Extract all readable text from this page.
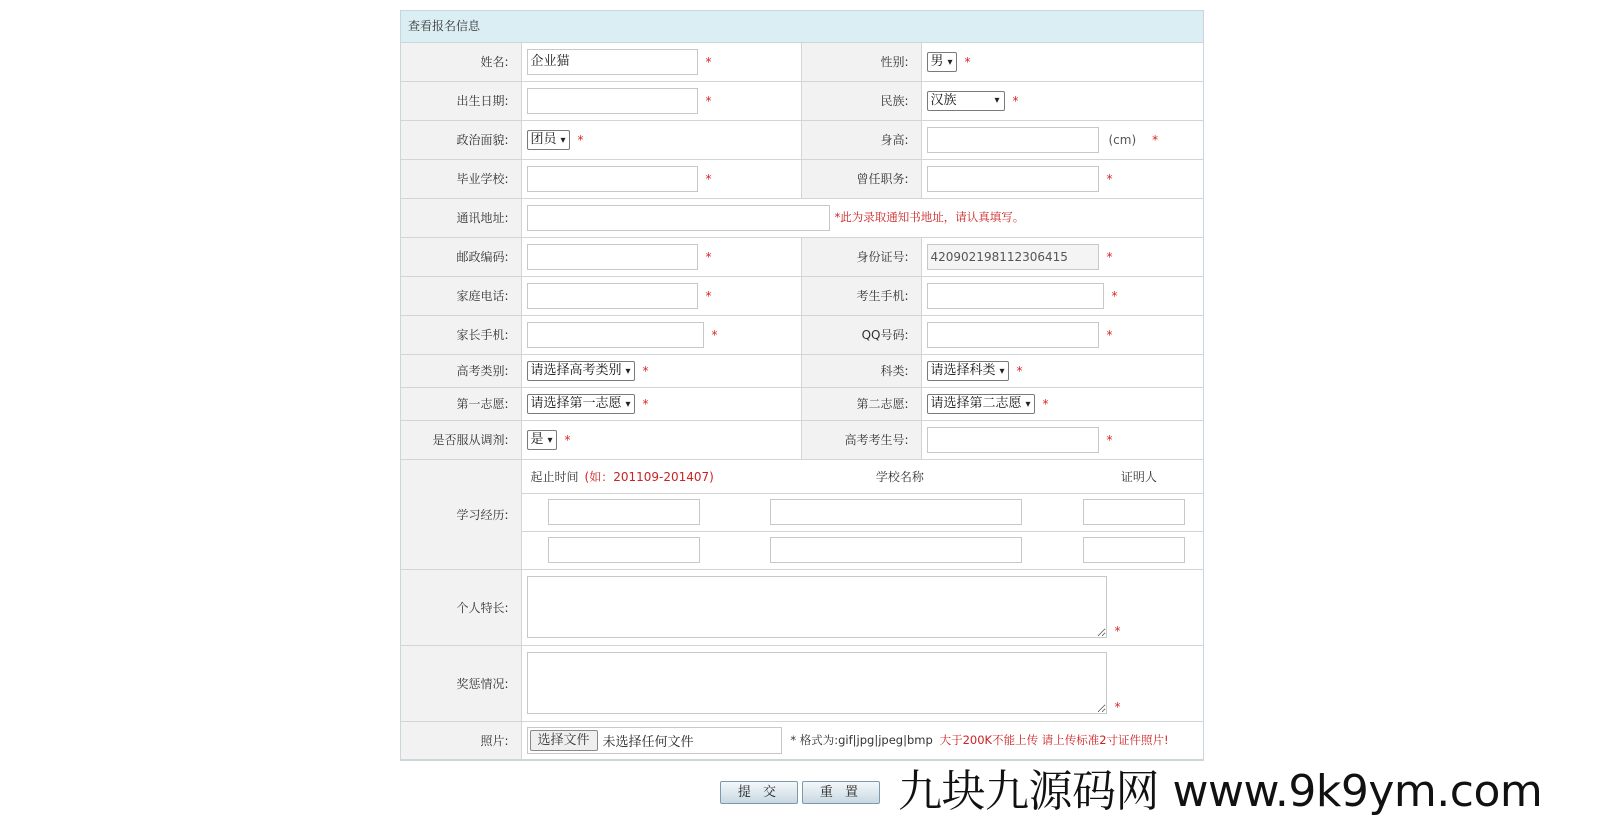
查看报名信息
姓名:	企业猫 *	性别:	男 ▾ *
出生日期:	*	民族:	汉族 ▾ *
政治面貌:	团员 ▾ *	身高:	(cm) *
毕业学校:	*	曾任职务:	*
通讯地址:	*此为录取通知书地址，请认真填写。		
邮政编码:	*	身份证号:	420902198112306415 *
家庭电话:	*	考生手机:	*
家长手机:	*	QQ号码:	*
高考类别:	请选择高考类别 ▾ *	科类:	请选择科类 ▾ *
第一志愿:	请选择第一志愿 ▾ *	第二志愿:	请选择第二志愿 ▾ *
是否服从调剂:	是 ▾ *	高考考生号:	*
学习经历:	起止时间 (如：201109-201407) 学校名称 证明人		

个人特长:	*		
奖惩情况:	*		
照片:	选择文件 未选择任何文件 * 格式为:gif|jpg|jpeg|bmp 大于200K不能上传 请上传标准2寸证件照片!		
提 交	重 置 九块九源码网 www.9k9ym.com
